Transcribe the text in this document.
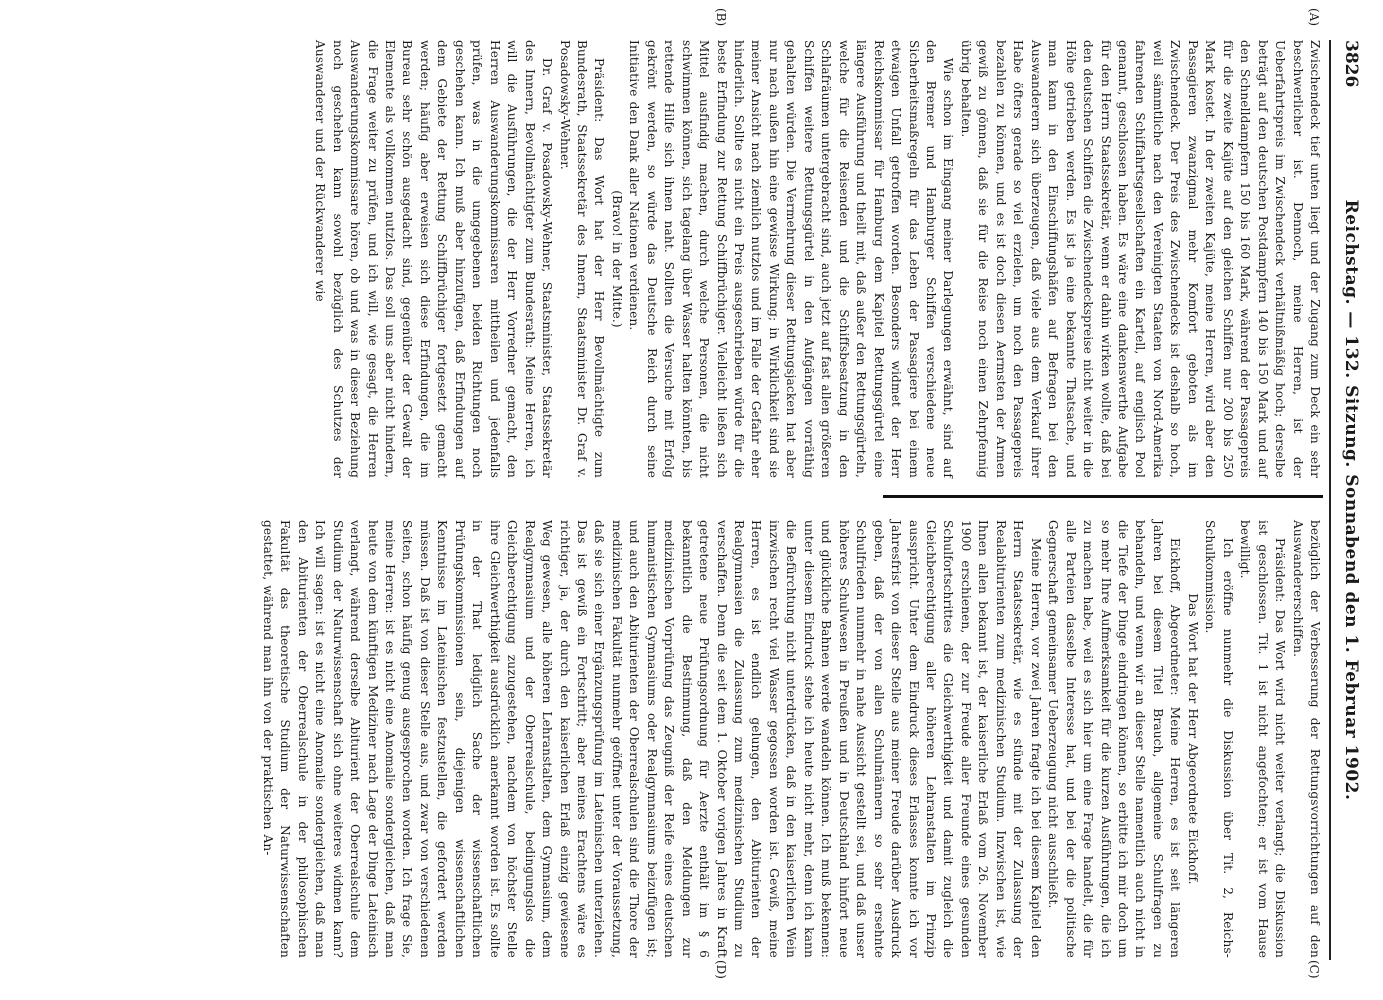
3826
Reichstag. — 132. Sitzung. Sonnabend den 1. Februar 1902.
(A)
(B)
(C)
(D)

Zwischendeck tief unten liegt und der Zugang zum Deck ein sehr beschwerlicher ist. Dennoch, meine Herren, ist der Ueberfahrtspreis im Zwischendeck verhältnißmäßig hoch; derselbe beträgt auf den deutschen Postdampfern 140 bis 150 Mark und auf den Schnelldampfern 150 bis 160 Mark, während der Passagepreis für die zweite Kajüte auf den gleichen Schiffen nur 200 bis 250 Mark kostet. In der zweiten Kajüte, meine Herren, wird aber den Passagieren zwanzigmal mehr Komfort geboten als im Zwischendeck. Der Preis des Zwischendecks ist deshalb so hoch, weil sämmtliche nach den Vereinigten Staaten von Nord-Amerika fahrenden Schiffahrtsgesellschaften ein Kartell, auf englisch Pool genannt, geschlossen haben. Es wäre eine dankenswerthe Aufgabe für den Herrn Staatssekretär, wenn er dahin wirken wollte, daß bei den deutschen Schiffen die Zwischendeckspreise nicht weiter in die Höhe getrieben werden. Es ist ja eine bekannte Thatsache, und man kann in den Einschiffungshäfen auf Befragen bei den Auswanderern sich überzeugen, daß viele aus dem Verkauf ihrer Habe öfters gerade so viel erzielen, um noch den Passagepreis bezahlen zu können, und es ist doch diesen Aermsten der Armen gewiß zu gönnen, daß sie für die Reise noch einen Zehrpfennig übrig behalten.

Wie schon im Eingang meiner Darlegungen erwähnt, sind auf den Bremer und Hamburger Schiffen verschiedene neue Sicherheitsmaßregeln für das Leben der Passagiere bei einem etwaigen Unfall getroffen worden. Besonders widmet der Herr Reichskommissar für Hamburg dem Kapitel Rettungsgürtel eine längere Ausführung und theilt mit, daß außer den Rettungsgürteln, welche für die Reisenden und die Schiffsbesatzung in den Schlafräumen untergebracht sind, auch jetzt auf fast allen größeren Schiffen weitere Rettungsgürtel in den Aufgängen vorräthig gehalten würden. Die Vermehrung dieser Rettungsjacken hat aber nur nach außen hin eine gewisse Wirkung; in Wirklichkeit sind sie meiner Ansicht nach ziemlich nutzlos und im Falle der Gefahr eher hinderlich. Sollte es nicht ein Preis ausgeschrieben würde für die beste Erfindung zur Rettung Schiffbrüchiger. Vielleicht ließen sich Mittel ausfindig machen, durch welche Personen, die nicht schwimmen können, sich tagelang über Wasser halten könnten, bis rettende Hilfe sich ihnen naht. Sollten die Versuche mit Erfolg gekrönt werden, so würde das Deutsche Reich durch seine Initiative den Dank aller Nationen verdienen.

(Bravo! in der Mitte.)

Präsident: Das Wort hat der Herr Bevollmächtigte zum Bundesrath, Staatssekretär des Innern, Staatsminister Dr. Graf v. Posadowsky-Wehner.

Dr. Graf v. Posadowsky-Wehner, Staatsminister, Staatssekretär des Innern, Bevollmächtigter zum Bundesrath: Meine Herren, ich will die Ausführungen, die der Herr Vorredner gemacht, den Herren Auswanderungskommissaren mittheilen und jedenfalls prüfen, was in die umgegebenen beiden Richtungen noch geschehen kann. Ich muß aber hinzufügen, daß Erfindungen auf dem Gebiete der Rettung Schiffbrüchiger fortgesetzt gemacht werden; häufig aber erweisen sich diese Erfindungen, die im Bureau sehr schön ausgedacht sind, gegenüber der Gewalt der Elemente als vollkommen nutzlos. Das soll uns aber nicht hindern, die Frage weiter zu prüfen, und ich will, wie gesagt, die Herren Auswanderungskommissare hören, ob und was in dieser Beziehung noch geschehen kann sowohl bezüglich des Schutzes der Auswanderer und der Rückwanderer wie

bezüglich der Verbesserung der Rettungsvorrichtungen auf den Auswandererschiffen.

Präsident: Das Wort wird nicht weiter verlangt; die Diskussion ist geschlossen. Tit. 1 ist nicht angefochten; er ist vom Hause bewilligt.

Ich eröffne nunmehr die Diskussion über Tit. 2, Reichs-Schulkommission.

Das Wort hat der Herr Abgeordnete Eickhoff.

Eickhoff, Abgeordneter: Meine Herren, es ist seit längeren Jahren bei diesem Titel Brauch, allgemeine Schulfragen zu behandeln, und wenn wir an dieser Stelle namentlich auch nicht in die Tiefe der Dinge eindringen können, so erbitte ich mir doch um so mehr Ihre Aufmerksamkeit für die kurzen Ausführungen, die ich zu machen habe, weil es sich hier um eine Frage handelt, die für alle Parteien dasselbe Interesse hat, und bei der die politische Gegnerschaft gemeinsamer Ueberzeugung nicht ausschließt.

Meine Herren, vor zwei Jahren fragte ich bei diesem Kapitel den Herrn Staatssekretär, wie es stünde mit der Zulassung der Realabiturienten zum medizinischen Studium. Inzwischen ist, wie Ihnen allen bekannt ist, der kaiserliche Erlaß vom 26. November 1900 erschienen, der zur Freude aller Freunde eines gesunden Schulfortschrittes die Gleichwerthigkeit und damit zugleich die Gleichberechtigung aller höheren Lehranstalten im Prinzip ausspricht. Unter dem Eindruck dieses Erlasses konnte ich vor Jahresfrist von dieser Stelle aus meiner Freude darüber Ausdruck geben, daß der von allen Schulmännern so sehr ersehnte Schulfrieden nunmehr in nahe Aussicht gestellt sei, und daß unser höheres Schulwesen in Preußen und in Deutschland hinfort neue und glückliche Bahnen werde wandeln können. Ich muß bekennen: unter diesem Eindruck stehe ich heute nicht mehr, denn ich kann die Befürchtung nicht unterdrücken, daß in den kaiserlichen Wein inzwischen recht viel Wasser gegossen worden ist. Gewiß, meine Herren, es ist endlich gelungen, den Abiturienten der Realgymnasien die Zulassung zum medizinischen Studium zu verschaffen. Denn die seit dem 1. Oktober vorigen Jahres in Kraft getretene neue Prüfungsordnung für Aerzte enthält im § 6 bekanntlich die Bestimmung, daß den Meldungen zur medizinischen Vorprüfung das Zeugniß der Reife eines deutschen humanistischen Gymnasiums oder Realgymnasiums beizufügen ist; und auch den Abiturienten der Oberrealschulen sind die Thore der medizinischen Fakultät nunmehr geöffnet unter der Voraussetzung, daß sie sich einer Ergänzungsprüfung im Lateinischen unterziehen. Das ist gewiß ein Fortschritt; aber meines Erachtens wäre es richtiger, ja, der durch den kaiserlichen Erlaß einzig gewiesene Weg gewesen, alle höheren Lehranstalten, dem Gymnasium, dem Realgymnasium und der Oberrealschule, bedingungslos die Gleichberechtigung zuzugestehen, nachdem von höchster Stelle ihre Gleichwerthigkeit ausdrücklich anerkannt worden ist. Es sollte in der That lediglich Sache der wissenschaftlichen Prüfungskommissionen sein, diejenigen wissenschaftlichen Kenntnisse im Lateinischen festzustellen, die gefordert werden müssen. Daß ist von dieser Stelle aus, und zwar von verschiedenen Seiten, schon häufig genug ausgesprochen worden. Ich frage Sie, meine Herren: ist es nicht eine Anomalie sondergleichen, daß man heute von dem künftigen Mediziner nach Lage der Dinge Lateinisch verlangt, während derselbe Abiturient der Oberrealschule dem Studium der Naturwissenschaft sich ohne weiteres widmen kann? Ich will sagen: ist es nicht eine Anomalie sondergleichen, daß man den Abiturienten der Oberrealschule in der philosophischen Fakultät das theoretische Studium der Naturwissenschaften gestattet, während man ihn von der praktischen An-
